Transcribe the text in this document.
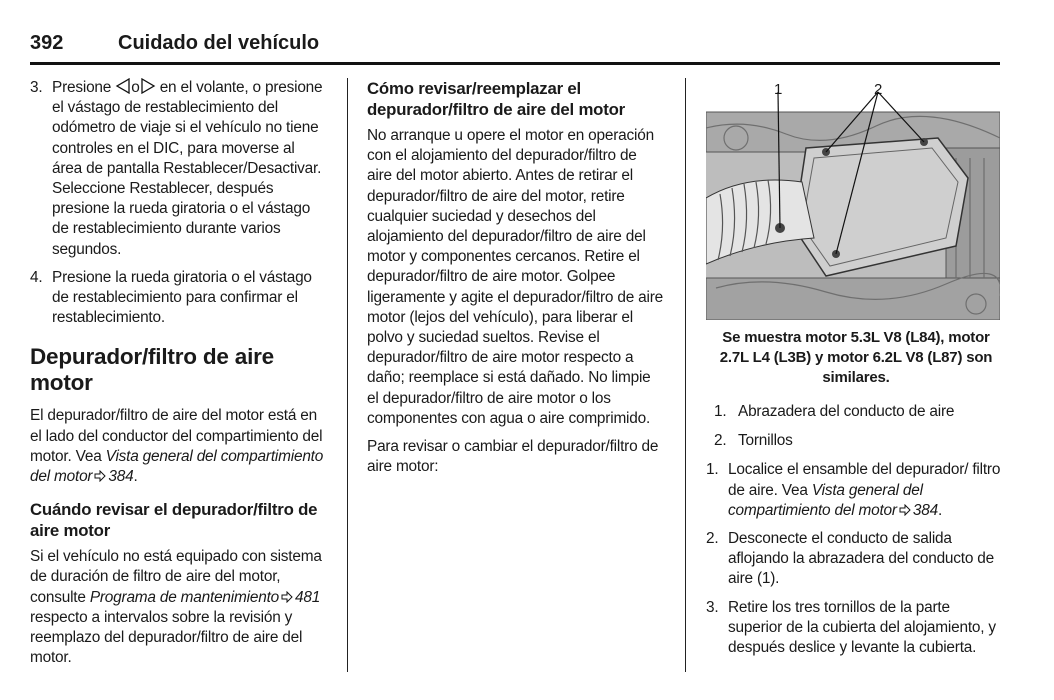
392	Cuidado del vehículo
3. Presione o en el volante, o presione el vástago de restablecimiento del odómetro de viaje si el vehículo no tiene controles en el DIC, para moverse al área de pantalla Restablecer/Desactivar. Seleccione Restablecer, después presione la rueda giratoria o el vástago de restablecimiento durante varios segundos.
4. Presione la rueda giratoria o el vástago de restablecimiento para confirmar el restablecimiento.
Depurador/filtro de aire motor

El depurador/filtro de aire del motor está en el lado del conductor del compartimiento del motor. Vea Vista general del compartimiento del motor 384.

Cuándo revisar el depurador/filtro de aire motor

Si el vehículo no está equipado con sistema de duración de filtro de aire del motor, consulte Programa de mantenimiento 481 respecto a intervalos sobre la revisión y reemplazo del depurador/filtro de aire del motor.

Cómo revisar/reemplazar el depurador/filtro de aire del motor

No arranque u opere el motor en operación con el alojamiento del depurador/filtro de aire del motor abierto. Antes de retirar el depurador/filtro de aire del motor, retire cualquier suciedad y desechos del alojamiento del depurador/filtro de aire del motor y componentes cercanos. Retire el depurador/filtro de aire motor. Golpee ligeramente y agite el depurador/filtro de aire motor (lejos del vehículo), para liberar el polvo y suciedad sueltos. Revise el depurador/filtro de aire motor respecto a daño; reemplace si está dañado. No limpie el depurador/filtro de aire motor o los componentes con agua o aire comprimido.

Para revisar o cambiar el depurador/filtro de aire motor:

1	2
Se muestra motor 5.3L V8 (L84), motor 2.7L L4 (L3B) y motor 6.2L V8 (L87) son similares.
1. Abrazadera del conducto de aire
2. Tornillos
1. Localice el ensamble del depurador/ filtro de aire. Vea Vista general del compartimiento del motor 384.
2. Desconecte el conducto de salida aflojando la abrazadera del conducto de aire (1).
3. Retire los tres tornillos de la parte superior de la cubierta del alojamiento, y después deslice y levante la cubierta.
